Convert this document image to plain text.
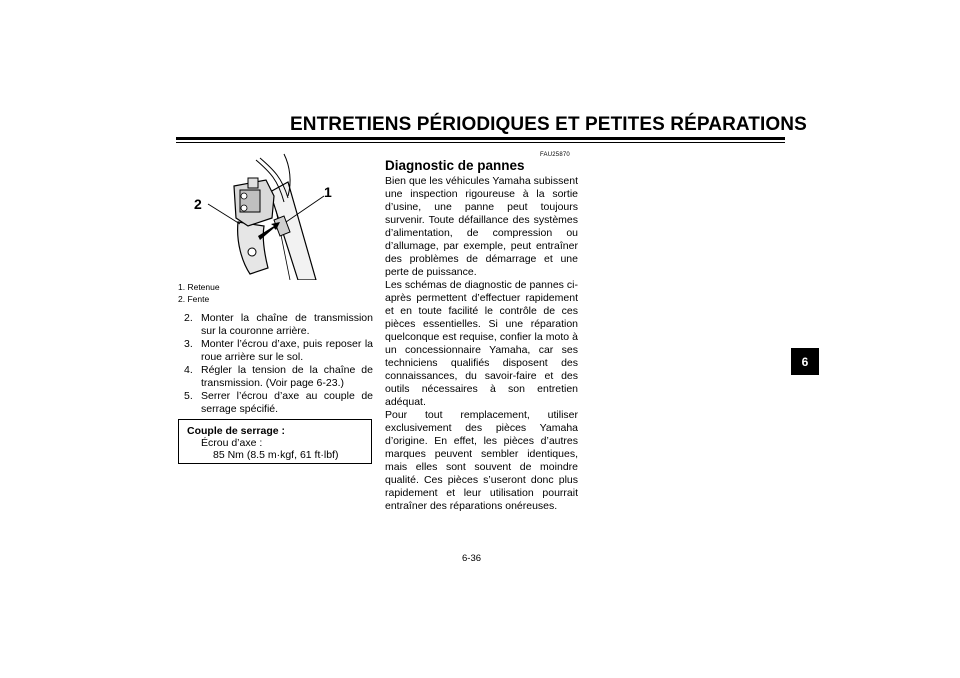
ENTRETIENS PÉRIODIQUES ET PETITES RÉPARATIONS
2
1
1. Retenue
2. Fente
2. Monter la chaîne de transmission sur la couronne arrière.
3. Monter l’écrou d’axe, puis reposer la roue arrière sur le sol.
4. Régler la tension de la chaîne de transmission. (Voir page 6-23.)
5. Serrer l’écrou d’axe au couple de serrage spécifié.
Couple de serrage :
Écrou d’axe :
85 Nm (8.5 m·kgf, 61 ft·lbf)
FAU25870
Diagnostic de pannes

Bien que les véhicules Yamaha subissent une inspection rigoureuse à la sortie d’usine, une panne peut toujours survenir. Toute défaillance des systèmes d’alimentation, de compression ou d’allumage, par exemple, peut entraîner des problèmes de démarrage et une perte de puissance.

Les schémas de diagnostic de pannes ci-après permettent d’effectuer rapidement et en toute facilité le contrôle de ces pièces essentielles. Si une réparation quelconque est requise, confier la moto à un concessionnaire Yamaha, car ses techniciens qualifiés disposent des connaissances, du savoir-faire et des outils nécessaires à son entretien adéquat.

Pour tout remplacement, utiliser exclusivement des pièces Yamaha d’origine. En effet, les pièces d’autres marques peuvent sembler identiques, mais elles sont souvent de moindre qualité. Ces pièces s’useront donc plus rapidement et leur utilisation pourrait entraîner des réparations onéreuses.

6-36
6
